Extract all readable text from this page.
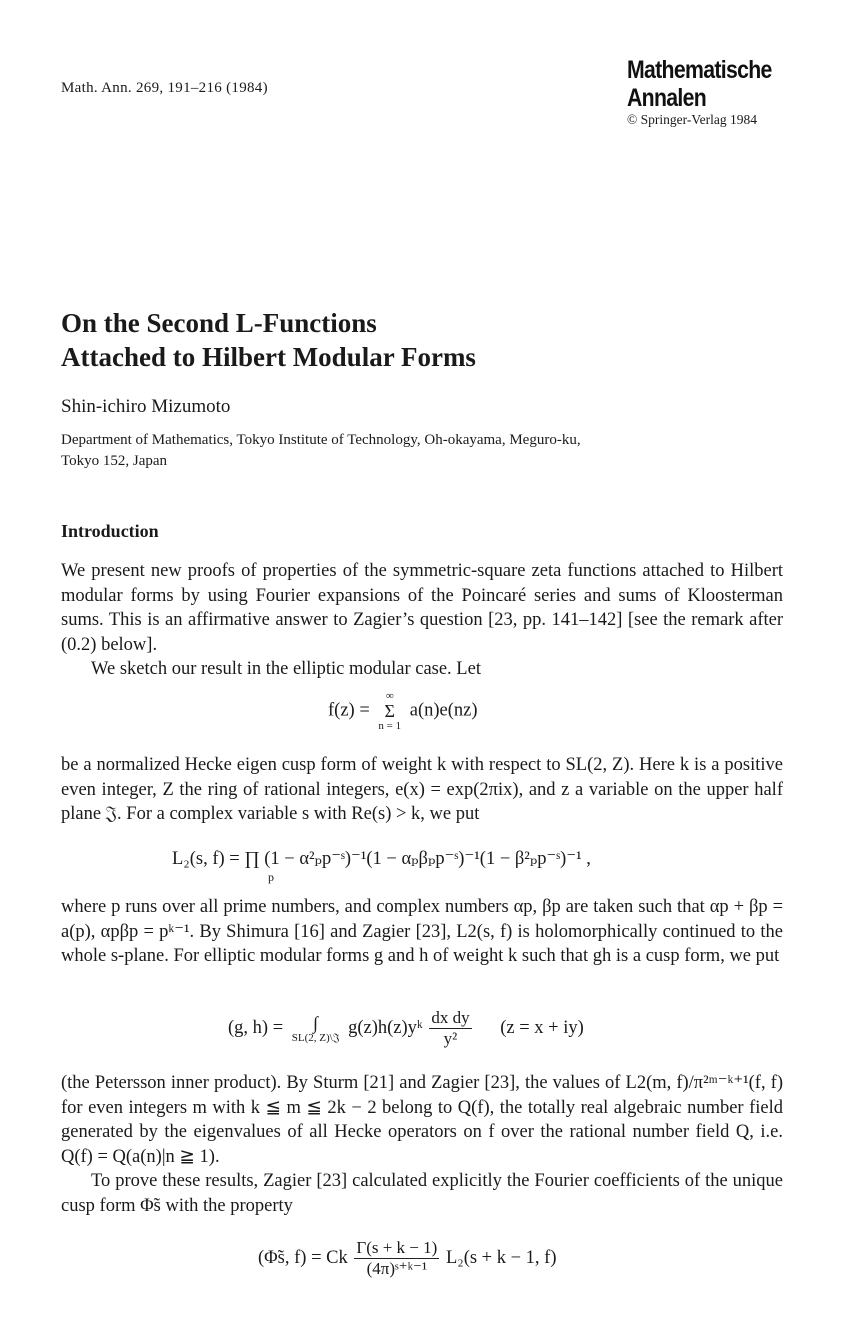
Math. Ann. 269, 191–216 (1984)
Mathematische
Annalen
© Springer-Verlag 1984
On the Second L-Functions
Attached to Hilbert Modular Forms
Shin-ichiro Mizumoto
Department of Mathematics, Tokyo Institute of Technology, Oh-okayama, Meguro-ku,
Tokyo 152, Japan
Introduction
We present new proofs of properties of the symmetric-square zeta functions attached to Hilbert modular forms by using Fourier expansions of the Poincaré series and sums of Kloosterman sums. This is an affirmative answer to Zagier’s question [23, pp. 141–142] [see the remark after (0.2) below].
We sketch our result in the elliptic modular case. Let
f(z) =
∞
Σ
n = 1
a(n)e(nz)
be a normalized Hecke eigen cusp form of weight k with respect to SL(2, Z). Here k is a positive even integer, Z the ring of rational integers, e(x) = exp(2πix), and z a variable on the upper half plane 𝔍. For a complex variable s with Re(s) > k, we put
L₂(s, f) = ∏ (1 − α²ₚp⁻ˢ)⁻¹(1 − αₚβₚp⁻ˢ)⁻¹(1 − β²ₚp⁻ˢ)⁻¹ ,
p
where p runs over all prime numbers, and complex numbers αp, βp are taken such that αp + βp = a(p), αpβp = pᵏ⁻¹. By Shimura [16] and Zagier [23], L2(s, f) is holomorphically continued to the whole s-plane. For elliptic modular forms g and h of weight k such that gh is a cusp form, we put
(g, h) =	∫
SL(2, Z)\𝔍 g(z)h(z)yᵏ $\frac{\text{dx dy}}{\text{y²}} (z = x + iy)$
(the Petersson inner product). By Sturm [21] and Zagier [23], the values of L2(m, f)/π²ᵐ⁻ᵏ⁺¹(f, f) for even integers m with k ≦ m ≦ 2k − 2 belong to Q(f), the totally real algebraic number field generated by the eigenvalues of all Hecke operators on f over the rational number field Q, i.e. Q(f) = Q(a(n)|n ≧ 1).
To prove these results, Zagier [23] calculated explicitly the Fourier coefficients of the unique cusp form Φ̃s with the property
(Φ̃s, f) = Ck $\frac{\Gamma(s + k - 1)}{\text{(4π)ˢ⁺ᵏ⁻¹}} L_2(s + k - 1$, f)
